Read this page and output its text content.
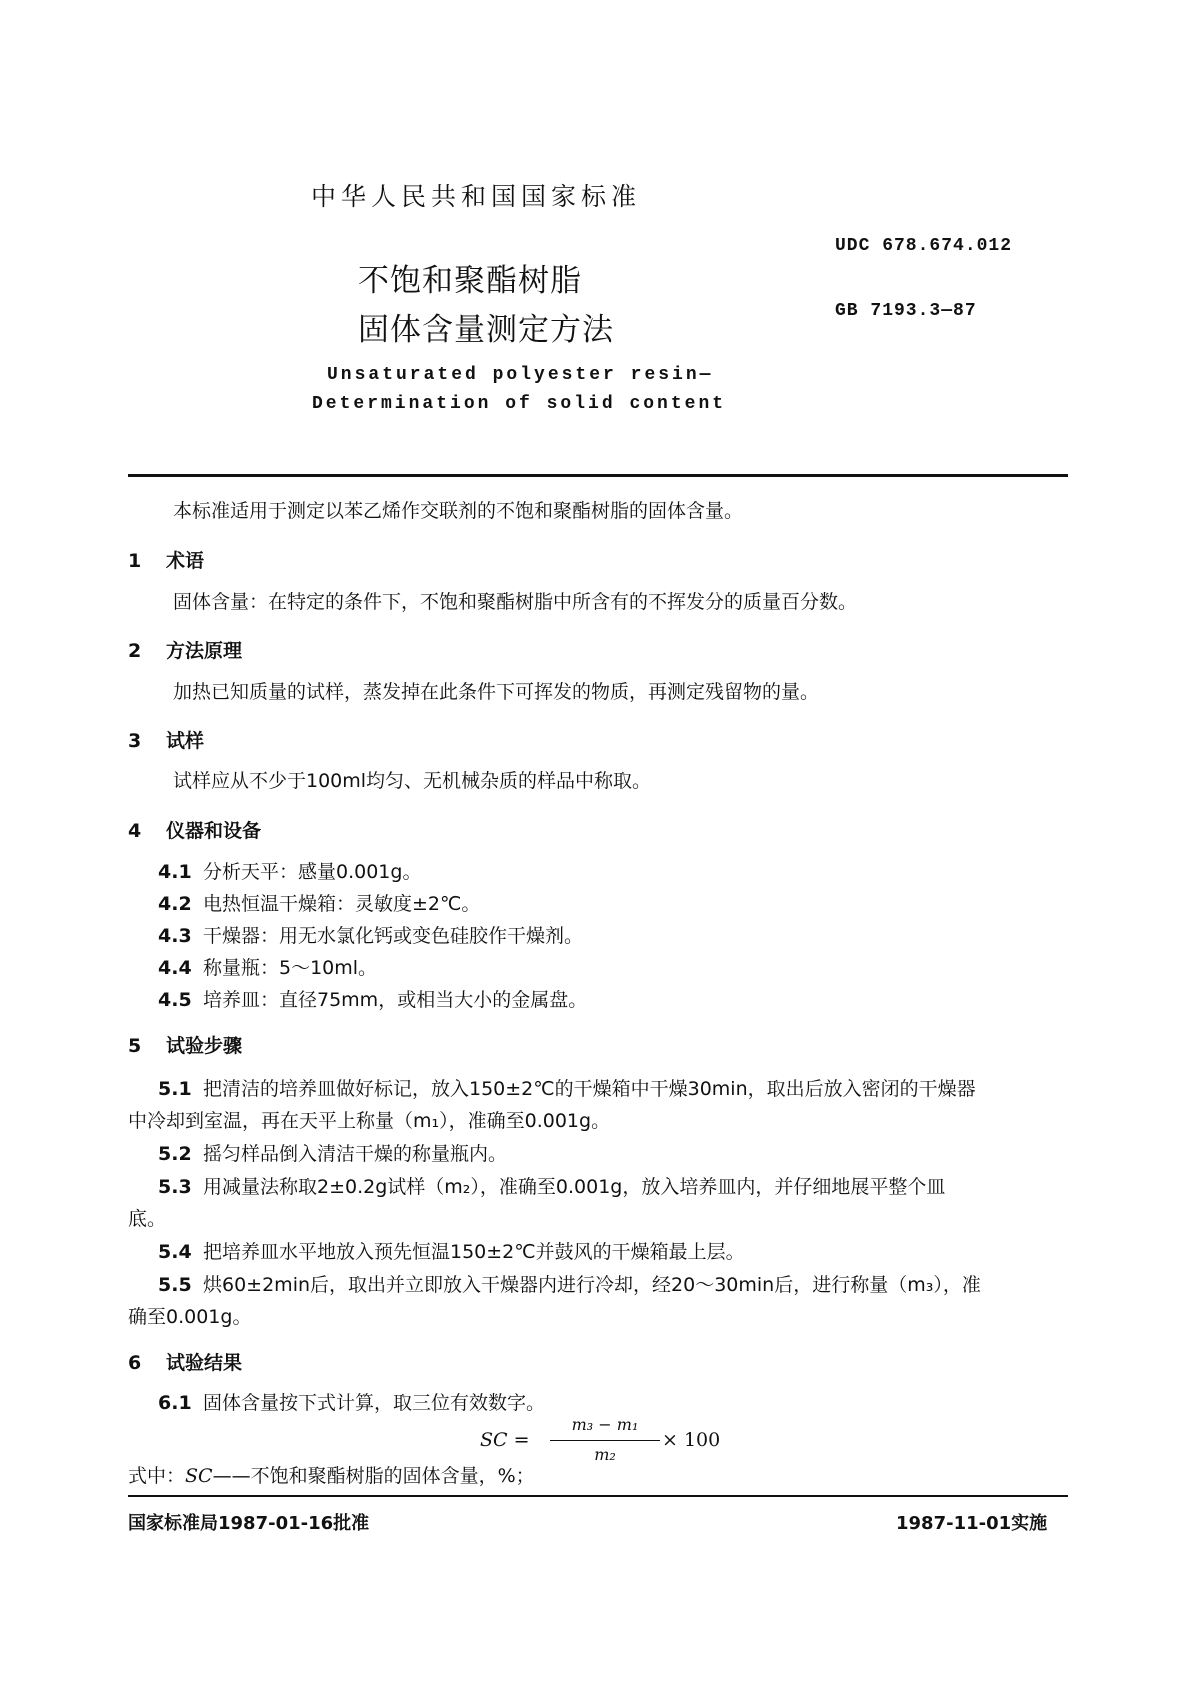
中华人民共和国国家标准
UDC 678.674.012
GB 7193.3—87
不饱和聚酯树脂
固体含量测定方法
Unsaturated polyester resin—
Determination of solid content
本标准适用于测定以苯乙烯作交联剂的不饱和聚酯树脂的固体含量。
1 术语
固体含量：在特定的条件下，不饱和聚酯树脂中所含有的不挥发分的质量百分数。
2 方法原理
加热已知质量的试样，蒸发掉在此条件下可挥发的物质，再测定残留物的量。
3 试样
试样应从不少于100ml均匀、无机械杂质的样品中称取。
4 仪器和设备
4.1 分析天平：感量0.001g。
4.2 电热恒温干燥箱：灵敏度±2℃。
4.3 干燥器：用无水氯化钙或变色硅胶作干燥剂。
4.4 称量瓶：5～10ml。
4.5 培养皿：直径75mm，或相当大小的金属盘。
5 试验步骤
5.1 把清洁的培养皿做好标记，放入150±2℃的干燥箱中干燥30min，取出后放入密闭的干燥器
中冷却到室温，再在天平上称量（m₁），准确至0.001g。
5.2 摇匀样品倒入清洁干燥的称量瓶内。
5.3 用减量法称取2±0.2g试样（m₂），准确至0.001g，放入培养皿内，并仔细地展平整个皿
底。
5.4 把培养皿水平地放入预先恒温150±2℃并鼓风的干燥箱最上层。
5.5 烘60±2min后，取出并立即放入干燥器内进行冷却，经20～30min后，进行称量（m₃），准
确至0.001g。
6 试验结果
6.1 固体含量按下式计算，取三位有效数字。
SC =
m₃ − m₁
m₂
× 100
式中：SC——不饱和聚酯树脂的固体含量，%；
国家标准局1987-01-16批准	1987-11-01实施
